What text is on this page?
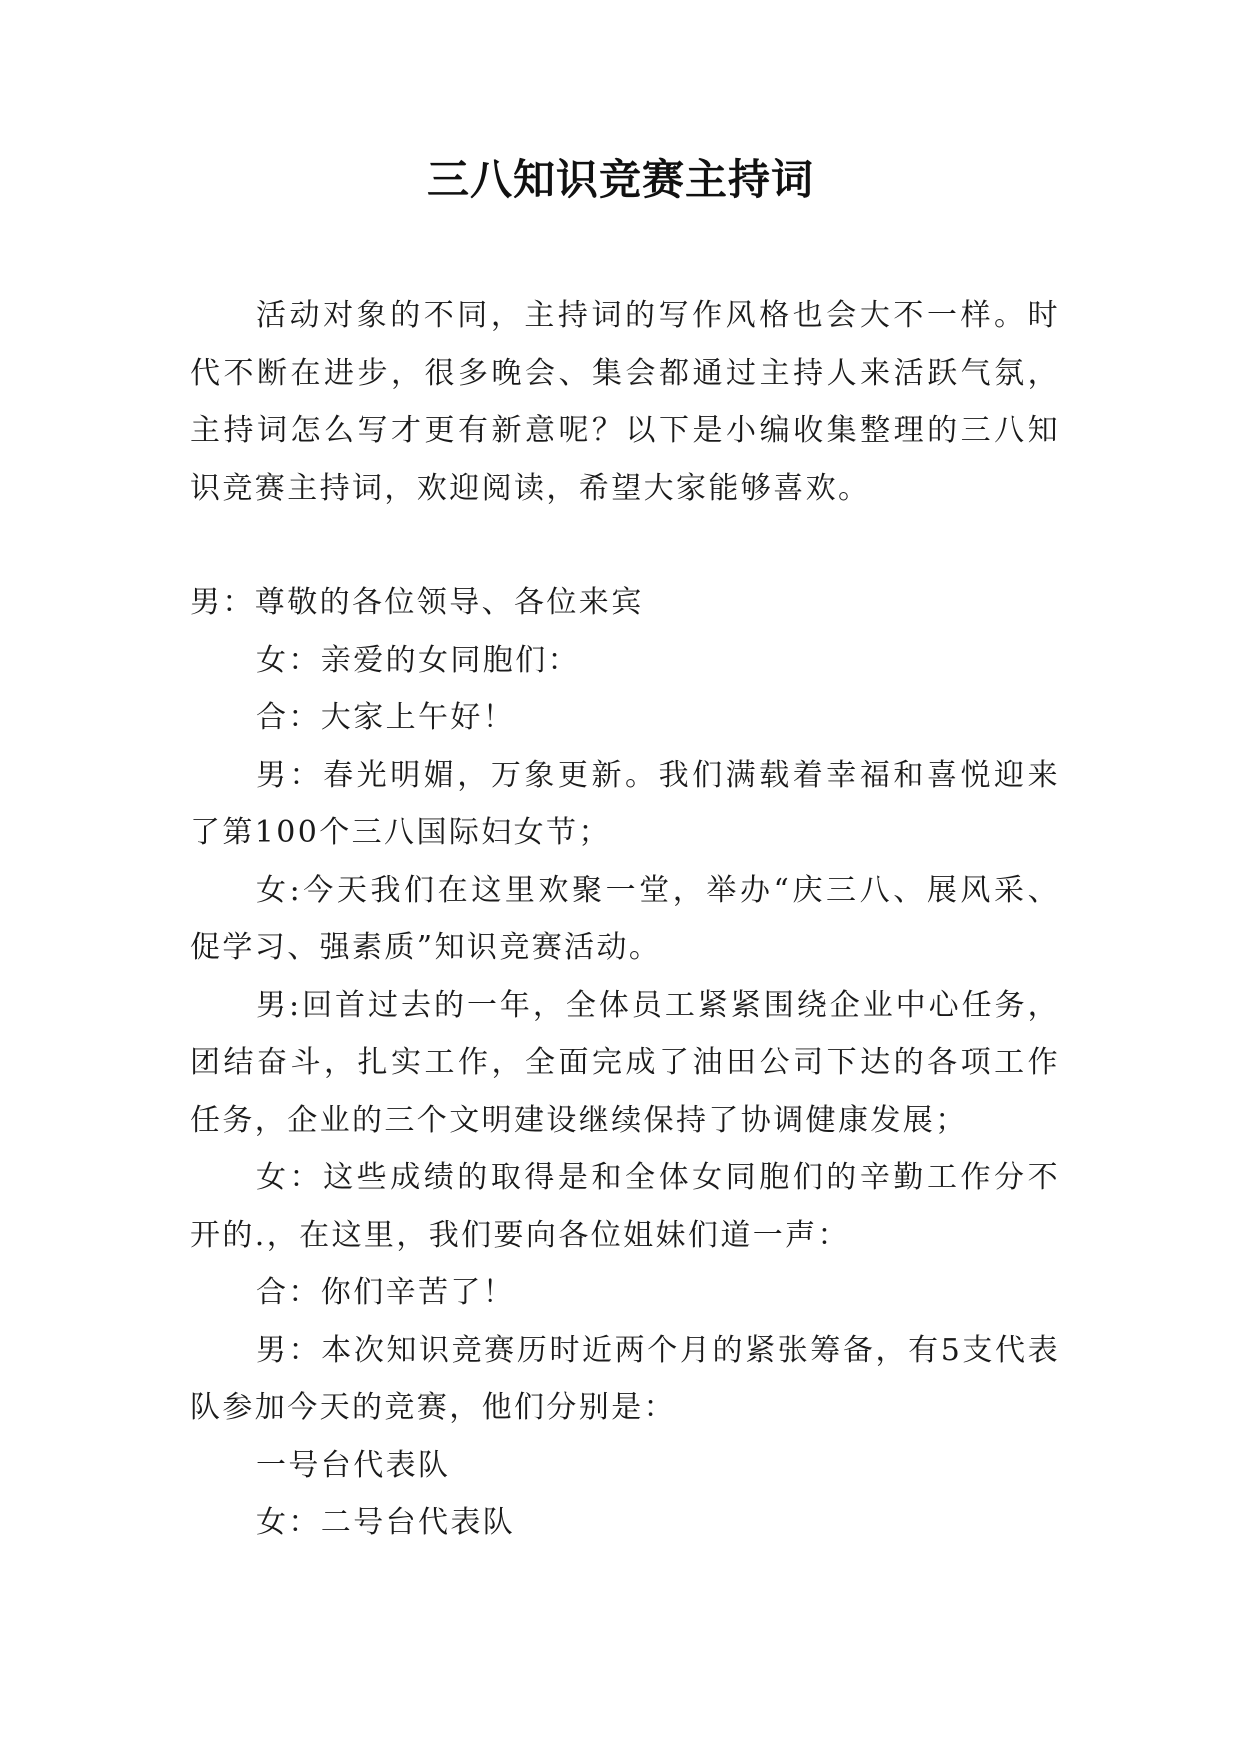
三八知识竞赛主持词

活动对象的不同，主持词的写作风格也会大不一样。时代不断在进步，很多晚会、集会都通过主持人来活跃气氛，主持词怎么写才更有新意呢？以下是小编收集整理的三八知识竞赛主持词，欢迎阅读，希望大家能够喜欢。

男：尊敬的各位领导、各位来宾

女：亲爱的女同胞们：

合：大家上午好！

男：春光明媚，万象更新。我们满载着幸福和喜悦迎来了第100个三八国际妇女节；

女:今天我们在这里欢聚一堂，举办“庆三八、展风采、促学习、强素质”知识竞赛活动。

男:回首过去的一年，全体员工紧紧围绕企业中心任务，团结奋斗，扎实工作，全面完成了油田公司下达的各项工作任务，企业的三个文明建设继续保持了协调健康发展；

女：这些成绩的取得是和全体女同胞们的辛勤工作分不开的.，在这里，我们要向各位姐妹们道一声：

合：你们辛苦了！

男：本次知识竞赛历时近两个月的紧张筹备，有5支代表队参加今天的竞赛，他们分别是：

一号台代表队

女：二号台代表队
